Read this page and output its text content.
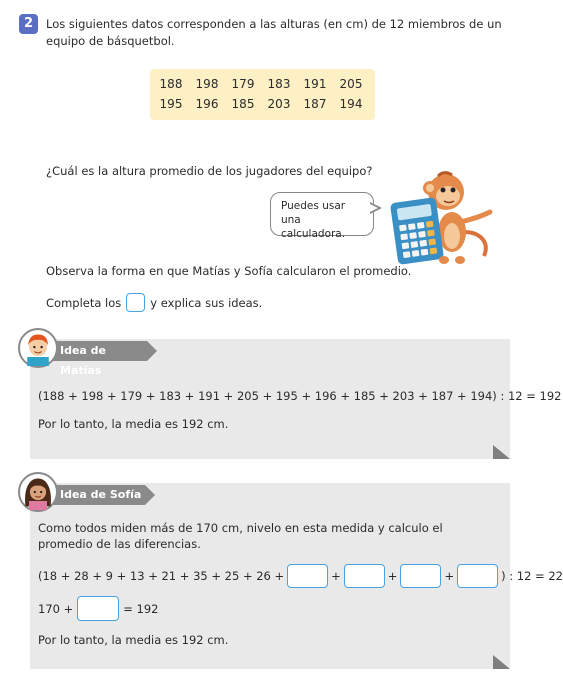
2	Los siguientes datos corresponden a las alturas (en cm) de 12 miembros de un equipo de básquetbol.
188	198	179	183	191	205
195	196	185	203	187	194
¿Cuál es la altura promedio de los jugadores del equipo?
Puedes usar una calculadora.
Observa la forma en que Matías y Sofía calcularon el promedio.
Completa los	y explica sus ideas.
Idea de Matías
(188 + 198 + 179 + 183 + 191 + 205 + 195 + 196 + 185 + 203 + 187 + 194) : 12 = 192
Por lo tanto, la media es 192 cm.
Idea de Sofía
Como todos miden más de 170 cm, nivelo en esta medida y calculo el promedio de las diferencias.
(18 + 28 + 9 + 13 + 21 + 35 + 25 + 26 +	+	+	+	) : 12 = 22
170 +	= 192
Por lo tanto, la media es 192 cm.
